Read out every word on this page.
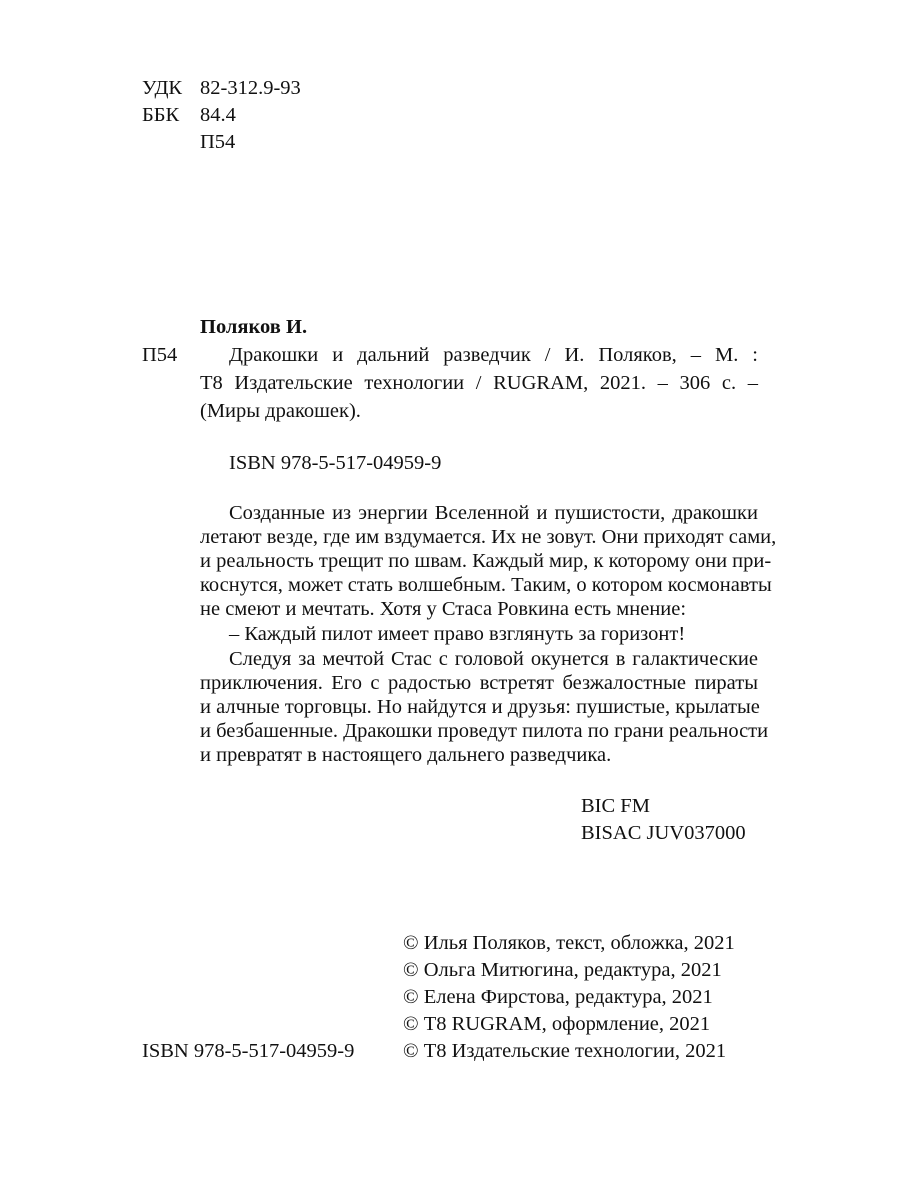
УДК 82-312.9-93
ББК 84.4
П54
Поляков И.
П54	Дракошки и дальний разведчик / И. Поляков, – М. :
Т8 Издательские технологии / RUGRAM, 2021. – 306 с. –
(Миры дракошек).
ISBN 978-5-517-04959-9
Созданные из энергии Вселенной и пушистости, дракошки
летают везде, где им вздумается. Их не зовут. Они приходят сами,
и реальность трещит по швам. Каждый мир, к которому они при-
коснутся, может стать волшебным. Таким, о котором космонавты
не смеют и мечтать. Хотя у Стаса Ровкина есть мнение:
– Каждый пилот имеет право взглянуть за горизонт!
Следуя за мечтой Стас с головой окунется в галактические
приключения. Его с радостью встретят безжалостные пираты
и алчные торговцы. Но найдутся и друзья: пушистые, крылатые
и безбашенные. Дракошки проведут пилота по грани реальности
и превратят в настоящего дальнего разведчика.
BIC FM
BISAC JUV037000
© Илья Поляков, текст, обложка, 2021
© Ольга Митюгина, редактура, 2021
© Елена Фирстова, редактура, 2021
© Т8 RUGRAM, оформление, 2021
© Т8 Издательские технологии, 2021
ISBN 978-5-517-04959-9
